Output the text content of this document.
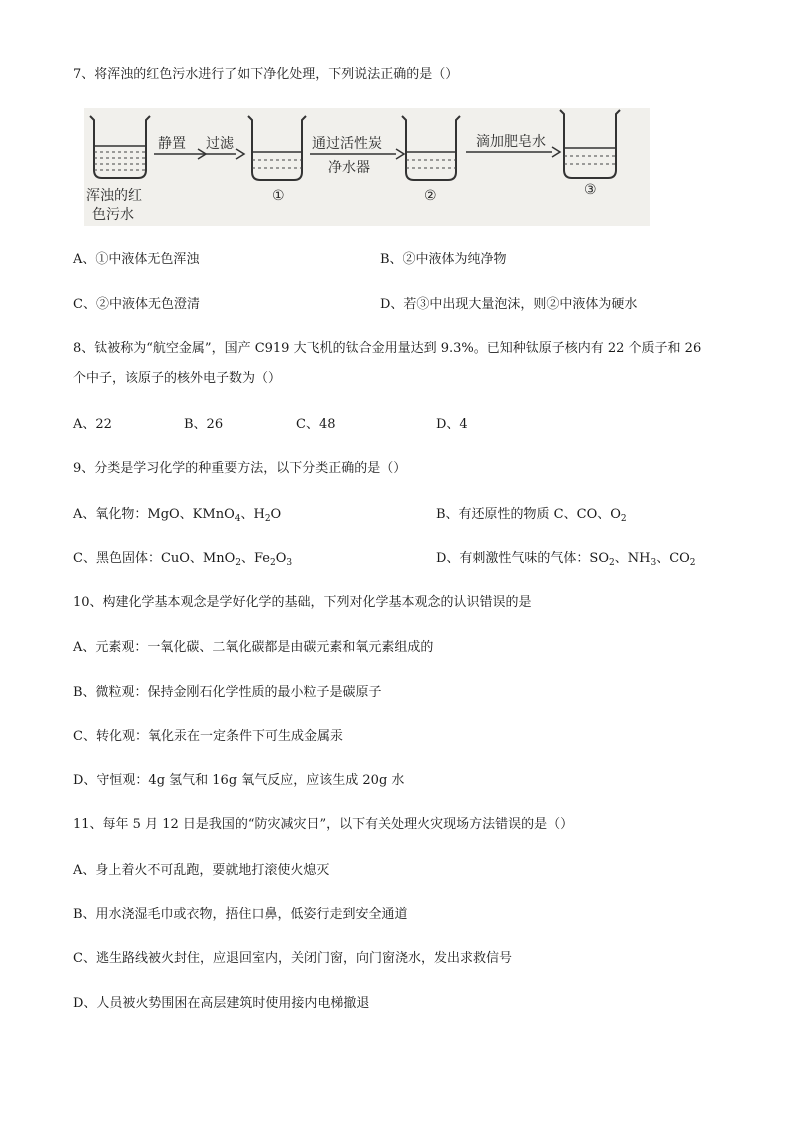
7、将浑浊的红色污水进行了如下净化处理，下列说法正确的是（）
浑浊的红
色污水
静置 过滤
①
通过活性炭
净水器
②
滴加肥皂水
③
A、①中液体无色浑浊	B、②中液体为纯净物
C、②中液体无色澄清	D、若③中出现大量泡沫，则②中液体为硬水
8、钛被称为“航空金属”，国产 C919 大飞机的钛合金用量达到 9.3%。已知种钛原子核内有 22 个质子和 26
个中子，该原子的核外电子数为（）
A、22	B、26	C、48	D、4
9、分类是学习化学的种重要方法，以下分类正确的是（）
A、氧化物：MgO、KMnO$_4$、$H_2O$	B、有还原性的物质 C、CO、$O_2$
C、黑色固体：CuO、MnO$_2$、$Fe_2O_3$	D、有刺激性气味的气体：$SO_2$、$NH_3$、$CO_2$
10、构建化学基本观念是学好化学的基础，下列对化学基本观念的认识错误的是
A、元素观：一氧化碳、二氧化碳都是由碳元素和氧元素组成的
B、微粒观：保持金刚石化学性质的最小粒子是碳原子
C、转化观：氧化汞在一定条件下可生成金属汞
D、守恒观：4g 氢气和 16g 氧气反应，应该生成 20g 水
11、每年 5 月 12 日是我国的“防灾减灾日”，以下有关处理火灾现场方法错误的是（）
A、身上着火不可乱跑，要就地打滚使火熄灭
B、用水浇湿毛巾或衣物，捂住口鼻，低姿行走到安全通道
C、逃生路线被火封住，应退回室内，关闭门窗，向门窗浇水，发出求救信号
D、人员被火势围困在高层建筑时使用接内电梯撤退
